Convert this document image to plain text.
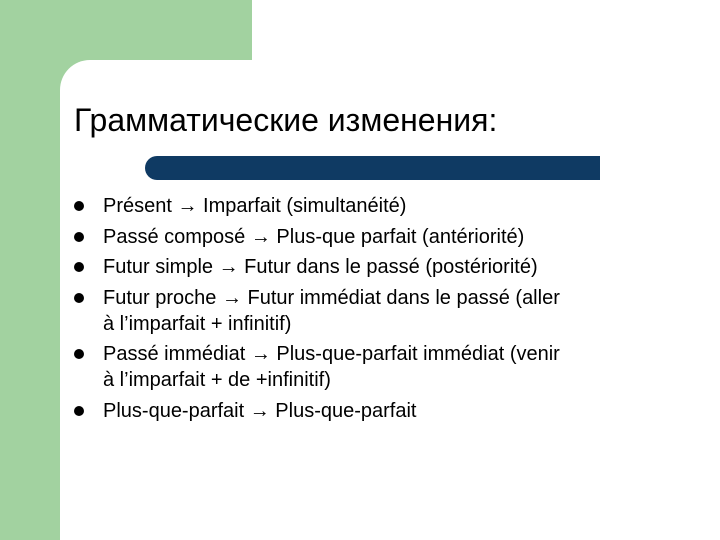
Грамматические изменения:
Présent → Imparfait (simultanéité)
Passé composé → Plus-que parfait (antériorité)
Futur simple → Futur dans le passé (postériorité)
Futur proche → Futur immédiat dans le passé (aller
à l’imparfait + infinitif)
Passé immédiat → Plus-que-parfait immédiat (venir
à l’imparfait + de +infinitif)
Plus-que-parfait → Plus-que-parfait
